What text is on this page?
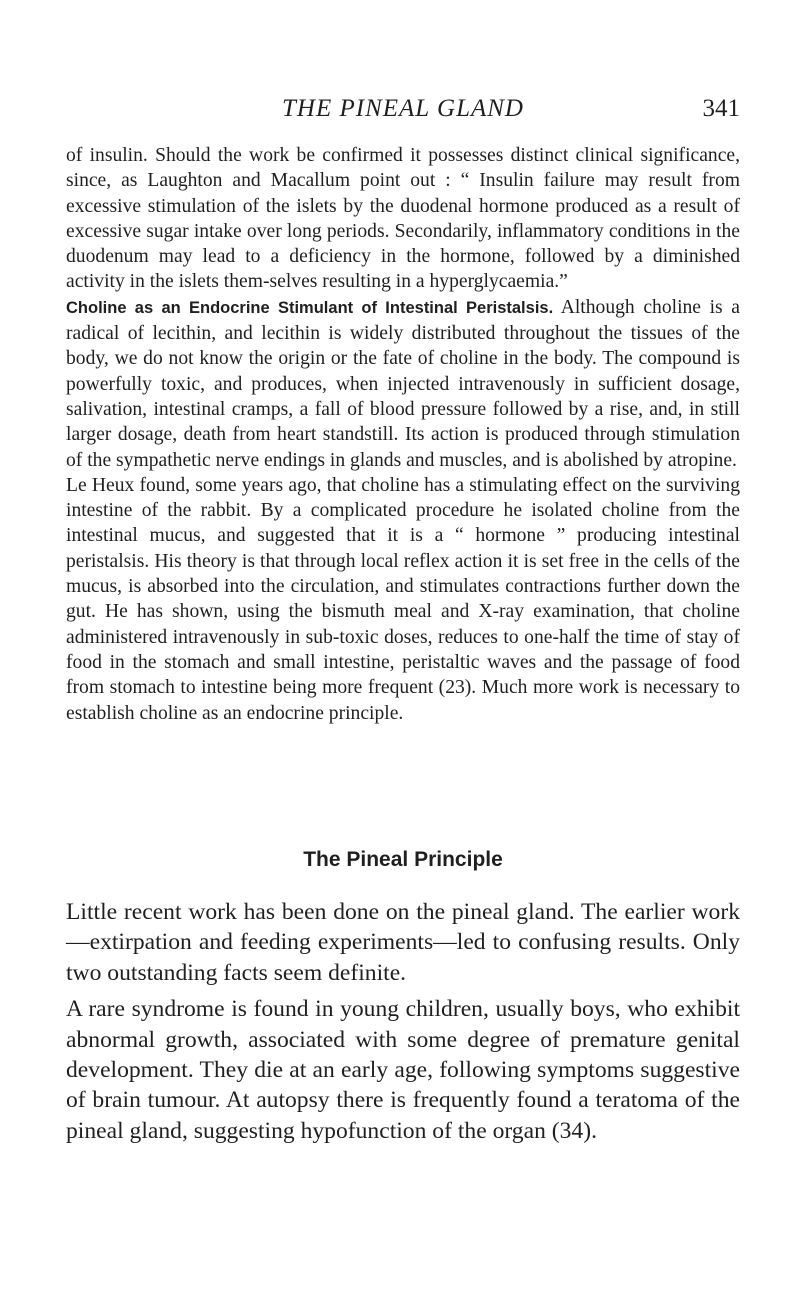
THE PINEAL GLAND	341

of insulin. Should the work be confirmed it possesses distinct clinical significance, since, as Laughton and Macallum point out : “ Insulin failure may result from excessive stimulation of the islets by the duodenal hormone produced as a result of excessive sugar intake over long periods. Secondarily, inflammatory conditions in the duodenum may lead to a deficiency in the hormone, followed by a diminished activity in the islets them-selves resulting in a hyperglycaemia.”

Choline as an Endocrine Stimulant of Intestinal Peristalsis. Although choline is a radical of lecithin, and lecithin is widely distributed throughout the tissues of the body, we do not know the origin or the fate of choline in the body. The compound is powerfully toxic, and produces, when injected intravenously in sufficient dosage, salivation, intestinal cramps, a fall of blood pressure followed by a rise, and, in still larger dosage, death from heart standstill. Its action is produced through stimulation of the sympathetic nerve endings in glands and muscles, and is abolished by atropine.

Le Heux found, some years ago, that choline has a stimulating effect on the surviving intestine of the rabbit. By a complicated procedure he isolated choline from the intestinal mucus, and suggested that it is a “ hormone ” producing intestinal peristalsis. His theory is that through local reflex action it is set free in the cells of the mucus, is absorbed into the circulation, and stimulates contractions further down the gut. He has shown, using the bismuth meal and X-ray examination, that choline administered intravenously in sub-toxic doses, reduces to one-half the time of stay of food in the stomach and small intestine, peristaltic waves and the passage of food from stomach to intestine being more frequent (23). Much more work is necessary to establish choline as an endocrine principle.

The Pineal Principle

Little recent work has been done on the pineal gland. The earlier work—extirpation and feeding experiments—led to confusing results. Only two outstanding facts seem definite.

A rare syndrome is found in young children, usually boys, who exhibit abnormal growth, associated with some degree of premature genital development. They die at an early age, following symptoms suggestive of brain tumour. At autopsy there is frequently found a teratoma of the pineal gland, suggesting hypofunction of the organ (34).
